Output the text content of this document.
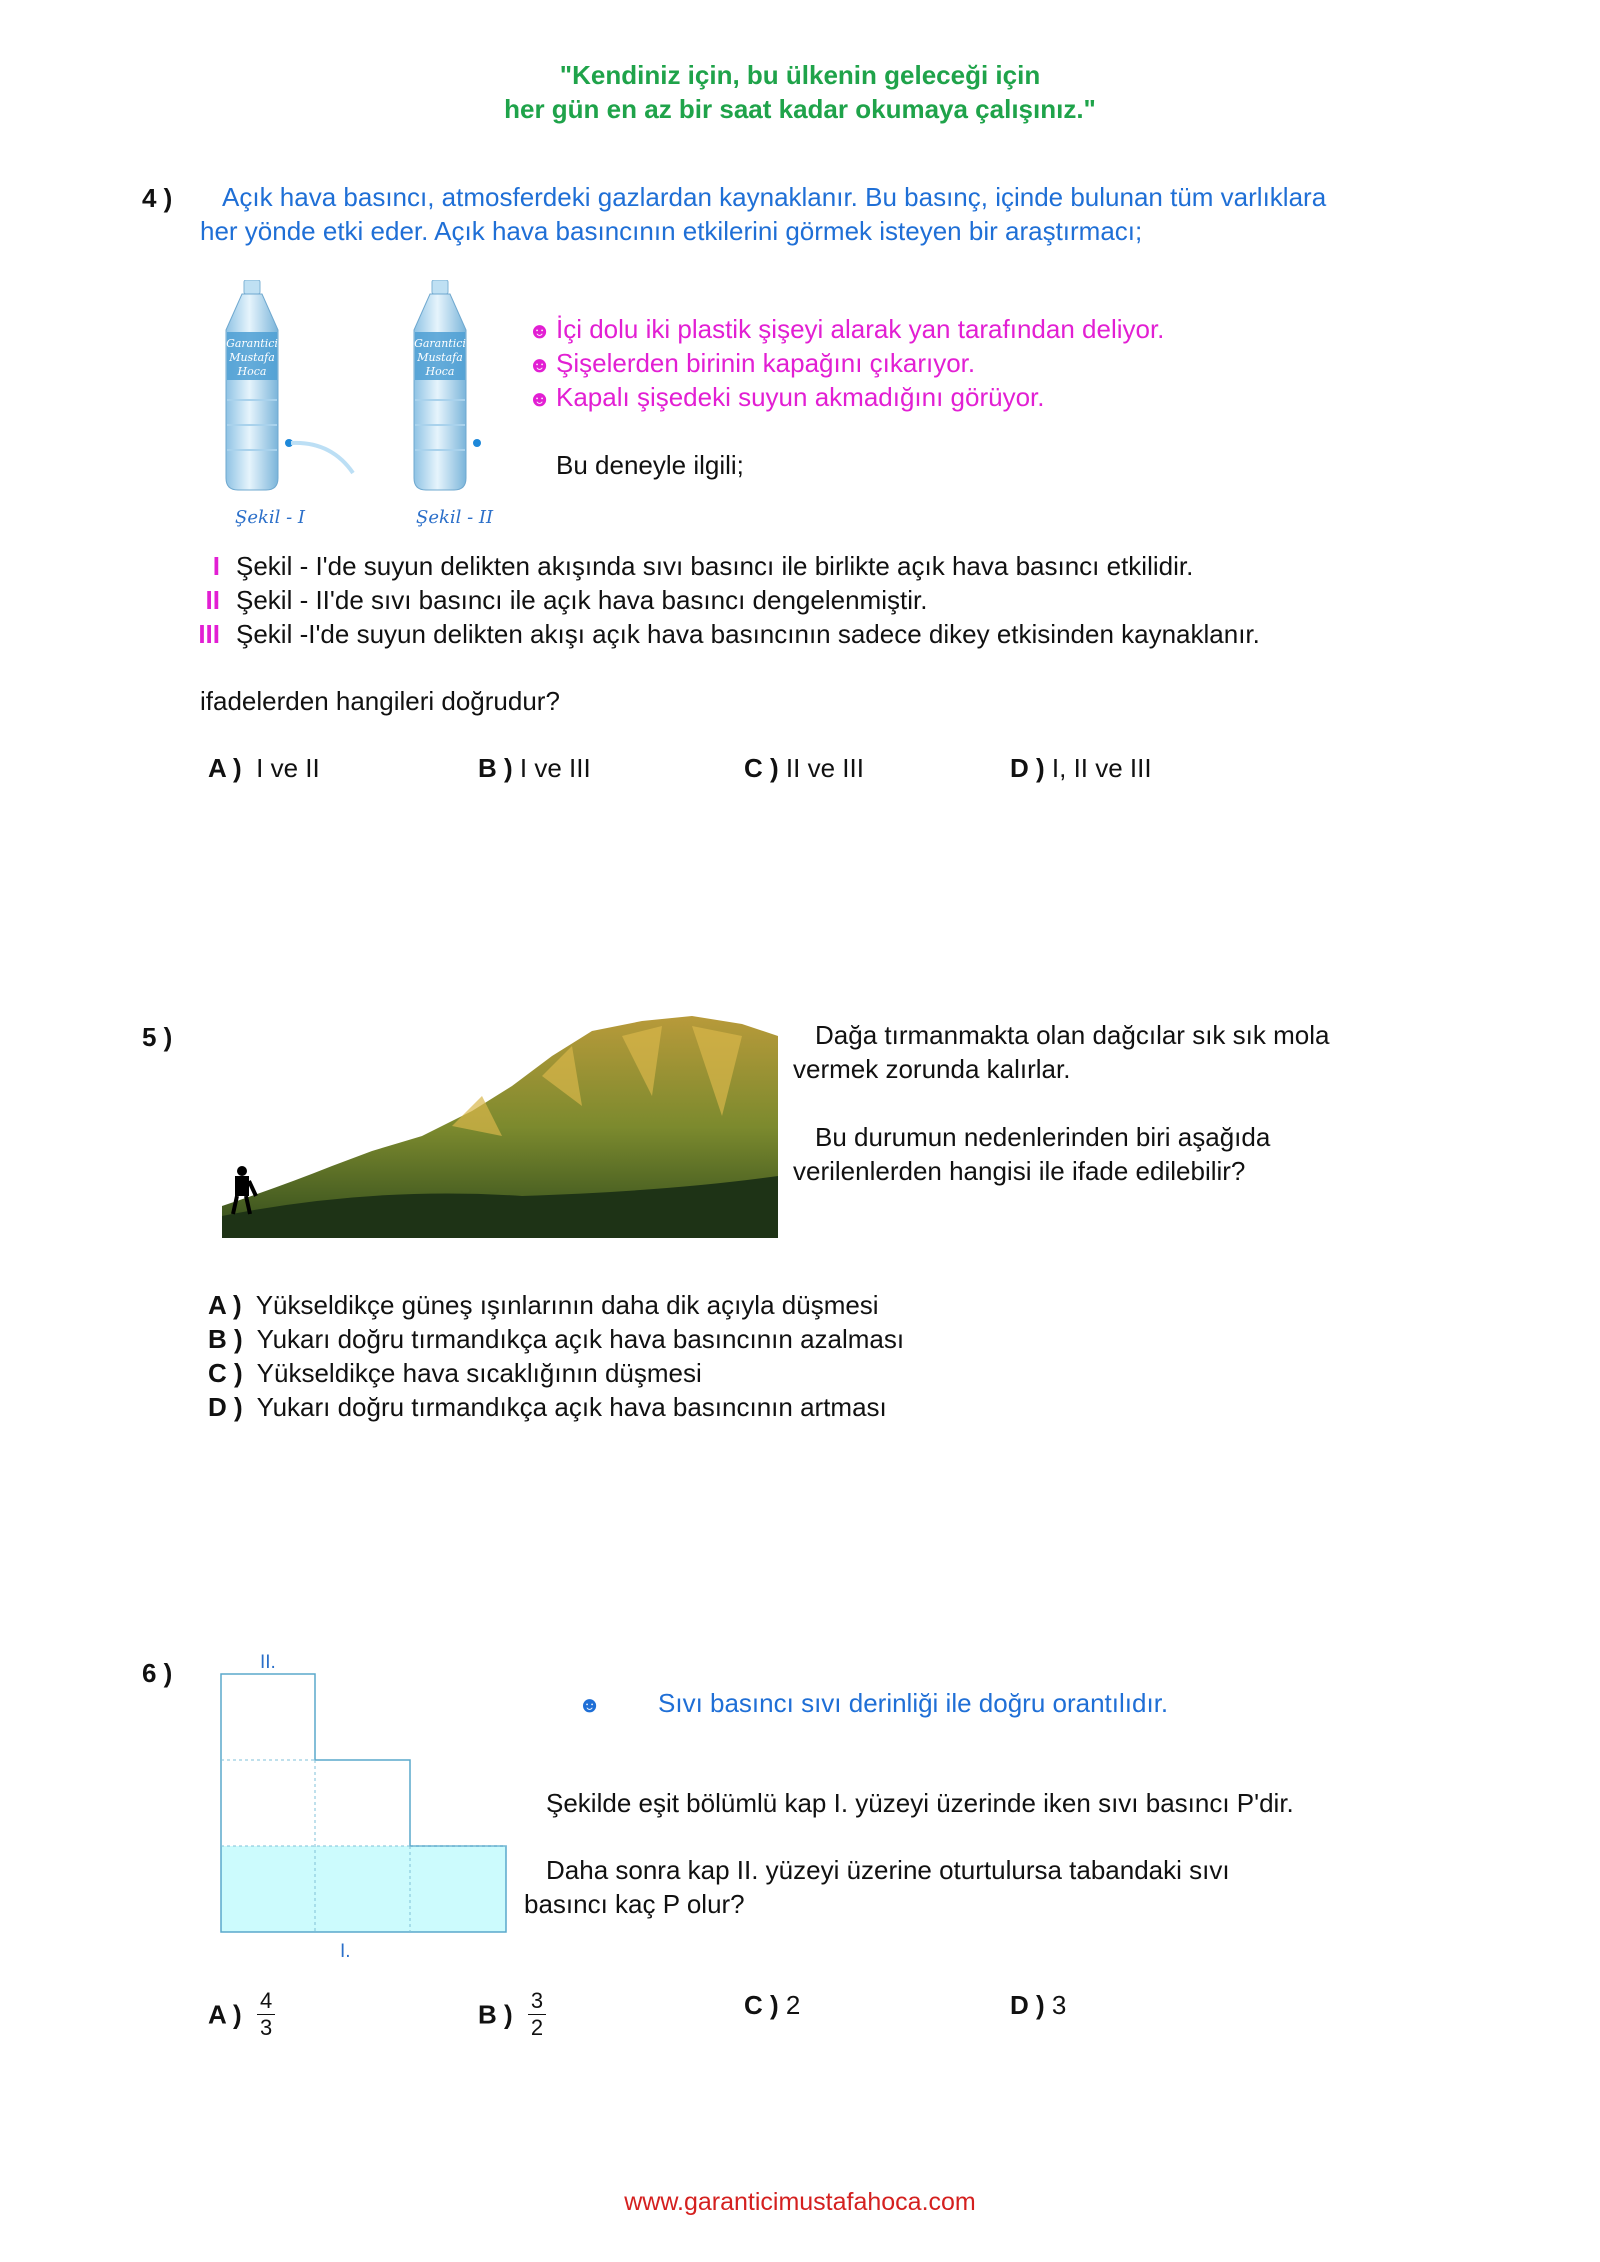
"Kendiniz için, bu ülkenin geleceği için
her gün en az bir saat kadar okumaya çalışınız."
4 ) Açık hava basıncı, atmosferdeki gazlardan kaynaklanır. Bu basınç, içinde bulunan tüm varlıklara
her yönde etki eder. Açık hava basıncının etkilerini görmek isteyen bir araştırmacı;
Garantici
Mustafa
Hoca
Garantici
Mustafa
Hoca
Şekil - I	Şekil - II
☻ İçi dolu iki plastik şişeyi alarak yan tarafından deliyor.
☻ Şişelerden birinin kapağını çıkarıyor.
☻ Kapalı şişedeki suyun akmadığını görüyor.
Bu deneyle ilgili;
I Şekil - I'de suyun delikten akışında sıvı basıncı ile birlikte açık hava basıncı etkilidir.
II Şekil - II'de sıvı basıncı ile açık hava basıncı dengelenmiştir.
III Şekil -I'de suyun delikten akışı açık hava basıncının sadece dikey etkisinden kaynaklanır.
ifadelerden hangileri doğrudur?
A ) I ve II	B ) I ve III	C ) II ve III	D ) I, II ve III
5 )	Dağa tırmanmakta olan dağcılar sık sık mola
vermek zorunda kalırlar.
Bu durumun nedenlerinden biri aşağıda
verilenlerden hangisi ile ifade edilebilir?
A ) Yükseldikçe güneş ışınlarının daha dik açıyla düşmesi
B ) Yukarı doğru tırmandıkça açık hava basıncının azalması
C ) Yükseldikçe hava sıcaklığının düşmesi
D ) Yukarı doğru tırmandıkça açık hava basıncının artması
6 )	II.
I.
☻ Sıvı basıncı sıvı derinliği ile doğru orantılıdır.
Şekilde eşit bölümlü kap I. yüzeyi üzerinde iken sıvı basıncı P'dir.
Daha sonra kap II. yüzeyi üzerine oturtulursa tabandaki sıvı
basıncı kaç P olur?
A ) $\frac{4}{3}$	B ) $\frac{3}{2}$	C ) 2	D ) 3
www.garanticimustafahoca.com
